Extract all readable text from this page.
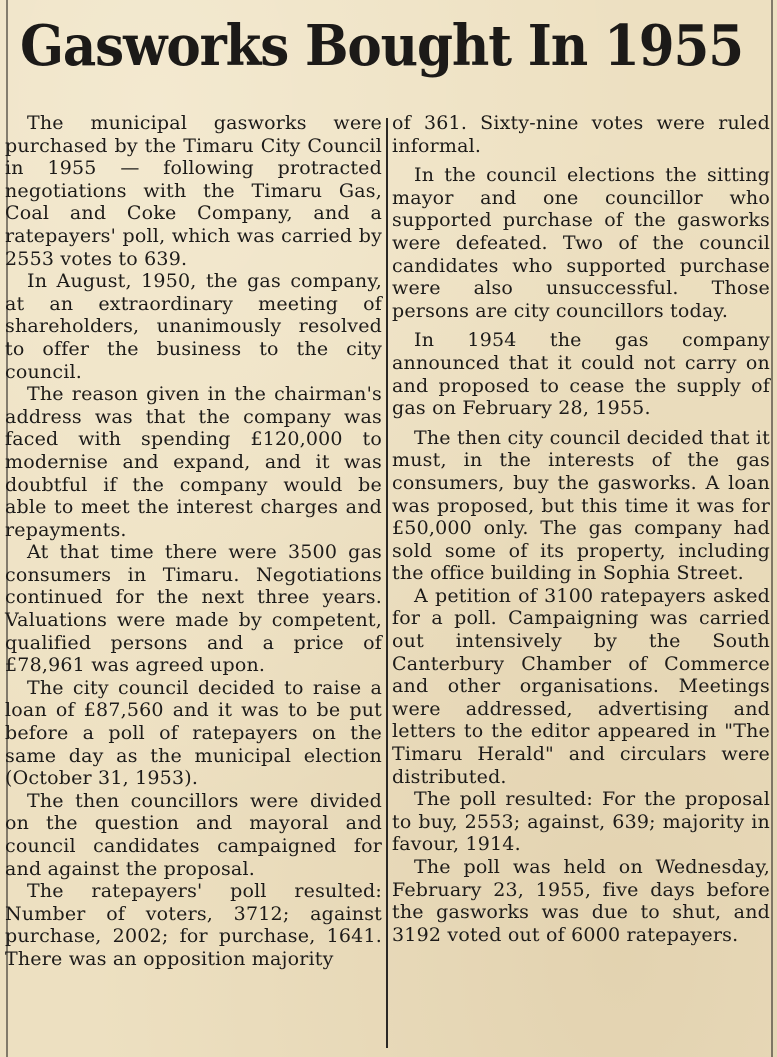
Gasworks Bought In 1955

The municipal gasworks were purchased by the Timaru City Council in 1955 — following protracted negotiations with the Timaru Gas, Coal and Coke Company, and a ratepayers' poll, which was carried by 2553 votes to 639.

In August, 1950, the gas company, at an extraordinary meeting of shareholders, unanimously resolved to offer the business to the city council.

The reason given in the chairman's address was that the company was faced with spending £120,000 to modernise and expand, and it was doubtful if the company would be able to meet the interest charges and repayments.

At that time there were 3500 gas consumers in Timaru. Negotiations continued for the next three years. Valuations were made by competent, qualified persons and a price of £78,961 was agreed upon.

The city council decided to raise a loan of £87,560 and it was to be put before a poll of ratepayers on the same day as the municipal election (October 31, 1953).

The then councillors were divided on the question and mayoral and council candidates campaigned for and against the proposal.

The ratepayers' poll resulted: Number of voters, 3712; against purchase, 2002; for purchase, 1641. There was an opposition majority

of 361. Sixty-nine votes were ruled informal.

In the council elections the sitting mayor and one councillor who supported purchase of the gasworks were defeated. Two of the council candidates who supported purchase were also unsuccessful. Those persons are city councillors today.

In 1954 the gas company announced that it could not carry on and proposed to cease the supply of gas on February 28, 1955.

The then city council decided that it must, in the interests of the gas consumers, buy the gasworks. A loan was proposed, but this time it was for £50,000 only. The gas company had sold some of its property, including the office building in Sophia Street.

A petition of 3100 ratepayers asked for a poll. Campaigning was carried out intensively by the South Canterbury Chamber of Commerce and other organisations. Meetings were addressed, advertising and letters to the editor appeared in "The Timaru Herald" and circulars were distributed.

The poll resulted: For the proposal to buy, 2553; against, 639; majority in favour, 1914.

The poll was held on Wednesday, February 23, 1955, five days before the gasworks was due to shut, and 3192 voted out of 6000 ratepayers.
